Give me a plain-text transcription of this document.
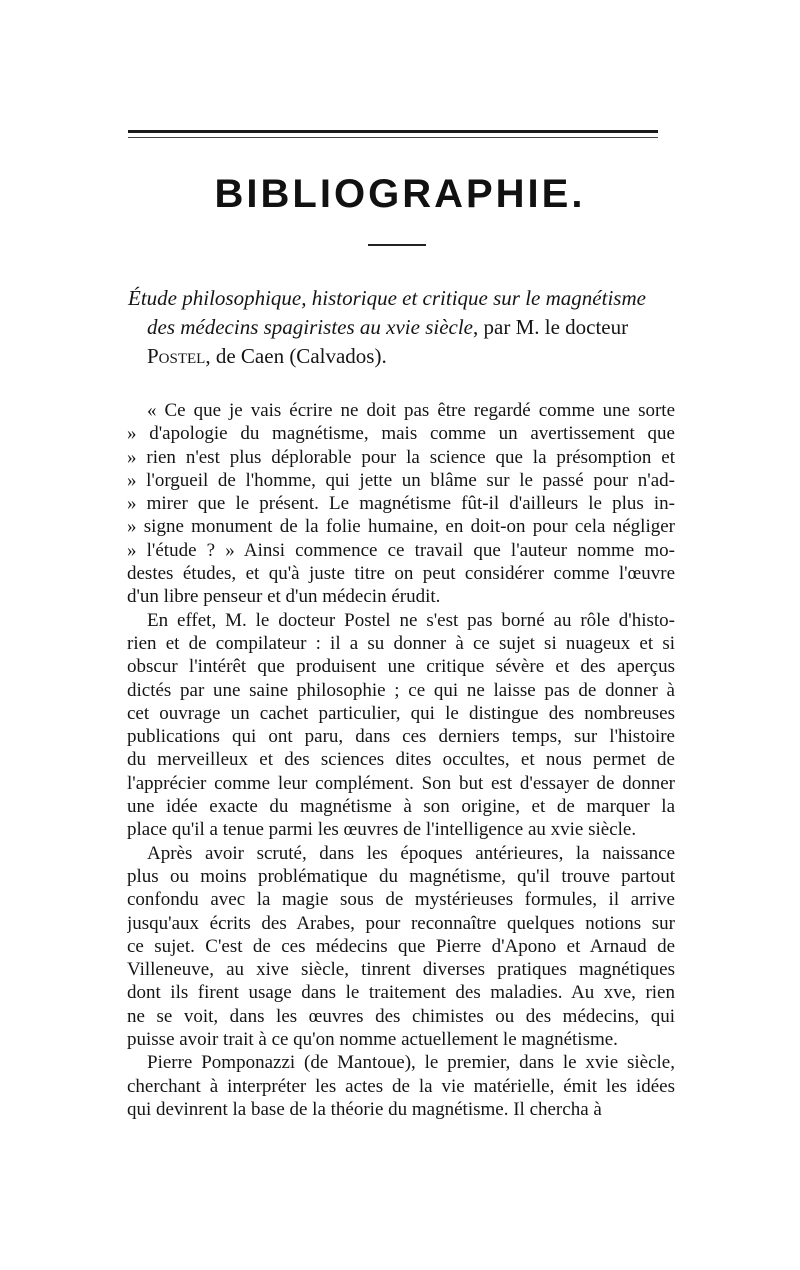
BIBLIOGRAPHIE.
Étude philosophique, historique et critique sur le magnétisme
des médecins spagiristes au xvie siècle, par M. le docteur
Postel, de Caen (Calvados).
« Ce que je vais écrire ne doit pas être regardé comme une sorte
» d'apologie du magnétisme, mais comme un avertissement que
» rien n'est plus déplorable pour la science que la présomption et
» l'orgueil de l'homme, qui jette un blâme sur le passé pour n'ad-
» mirer que le présent. Le magnétisme fût-il d'ailleurs le plus in-
» signe monument de la folie humaine, en doit-on pour cela négliger
» l'étude ? » Ainsi commence ce travail que l'auteur nomme mo-
destes études, et qu'à juste titre on peut considérer comme l'œuvre
d'un libre penseur et d'un médecin érudit.
En effet, M. le docteur Postel ne s'est pas borné au rôle d'histo-
rien et de compilateur : il a su donner à ce sujet si nuageux et si
obscur l'intérêt que produisent une critique sévère et des aperçus
dictés par une saine philosophie ; ce qui ne laisse pas de donner à
cet ouvrage un cachet particulier, qui le distingue des nombreuses
publications qui ont paru, dans ces derniers temps, sur l'histoire
du merveilleux et des sciences dites occultes, et nous permet de
l'apprécier comme leur complément. Son but est d'essayer de donner
une idée exacte du magnétisme à son origine, et de marquer la
place qu'il a tenue parmi les œuvres de l'intelligence au xvie siècle.
Après avoir scruté, dans les époques antérieures, la naissance
plus ou moins problématique du magnétisme, qu'il trouve partout
confondu avec la magie sous de mystérieuses formules, il arrive
jusqu'aux écrits des Arabes, pour reconnaître quelques notions sur
ce sujet. C'est de ces médecins que Pierre d'Apono et Arnaud de
Villeneuve, au xive siècle, tinrent diverses pratiques magnétiques
dont ils firent usage dans le traitement des maladies. Au xve, rien
ne se voit, dans les œuvres des chimistes ou des médecins, qui
puisse avoir trait à ce qu'on nomme actuellement le magnétisme.
Pierre Pomponazzi (de Mantoue), le premier, dans le xvie siècle,
cherchant à interpréter les actes de la vie matérielle, émit les idées
qui devinrent la base de la théorie du magnétisme. Il chercha à
